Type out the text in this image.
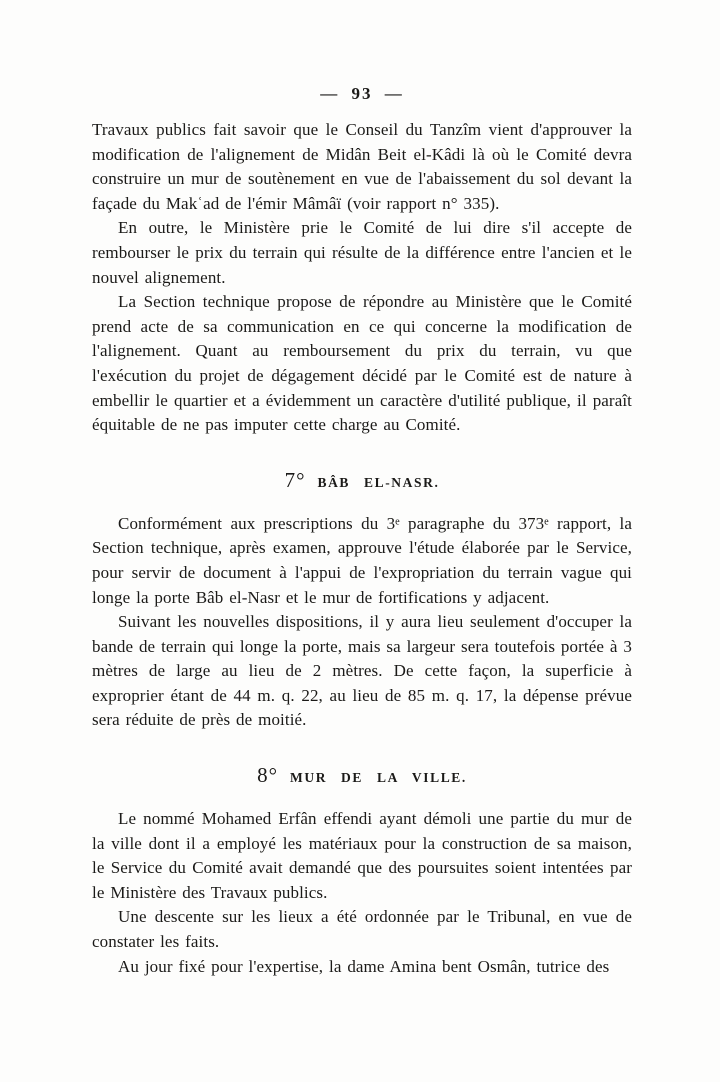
— 93 —

Travaux publics fait savoir que le Conseil du Tanzîm vient d'approuver la modification de l'alignement de Midân Beit el-Kâdi là où le Comité devra construire un mur de soutènement en vue de l'abaissement du sol devant la façade du Makʿad de l'émir Mâmâï (voir rapport n° 335).

En outre, le Ministère prie le Comité de lui dire s'il accepte de rembourser le prix du terrain qui résulte de la différence entre l'ancien et le nouvel alignement.

La Section technique propose de répondre au Ministère que le Comité prend acte de sa communication en ce qui concerne la modification de l'alignement. Quant au remboursement du prix du terrain, vu que l'exécution du projet de dégagement décidé par le Comité est de nature à embellir le quartier et a évidemment un caractère d'utilité publique, il paraît équitable de ne pas imputer cette charge au Comité.

7° BÂB EL-NASR.

Conformément aux prescriptions du 3ᵉ paragraphe du 373ᵉ rapport, la Section technique, après examen, approuve l'étude élaborée par le Service, pour servir de document à l'appui de l'expropriation du terrain vague qui longe la porte Bâb el-Nasr et le mur de fortifications y adjacent.

Suivant les nouvelles dispositions, il y aura lieu seulement d'occuper la bande de terrain qui longe la porte, mais sa largeur sera toutefois portée à 3 mètres de large au lieu de 2 mètres. De cette façon, la superficie à exproprier étant de 44 m. q. 22, au lieu de 85 m. q. 17, la dépense prévue sera réduite de près de moitié.

8° MUR DE LA VILLE.

Le nommé Mohamed Erfân effendi ayant démoli une partie du mur de la ville dont il a employé les matériaux pour la construction de sa maison, le Service du Comité avait demandé que des poursuites soient intentées par le Ministère des Travaux publics.

Une descente sur les lieux a été ordonnée par le Tribunal, en vue de constater les faits.

Au jour fixé pour l'expertise, la dame Amina bent Osmân, tutrice des
